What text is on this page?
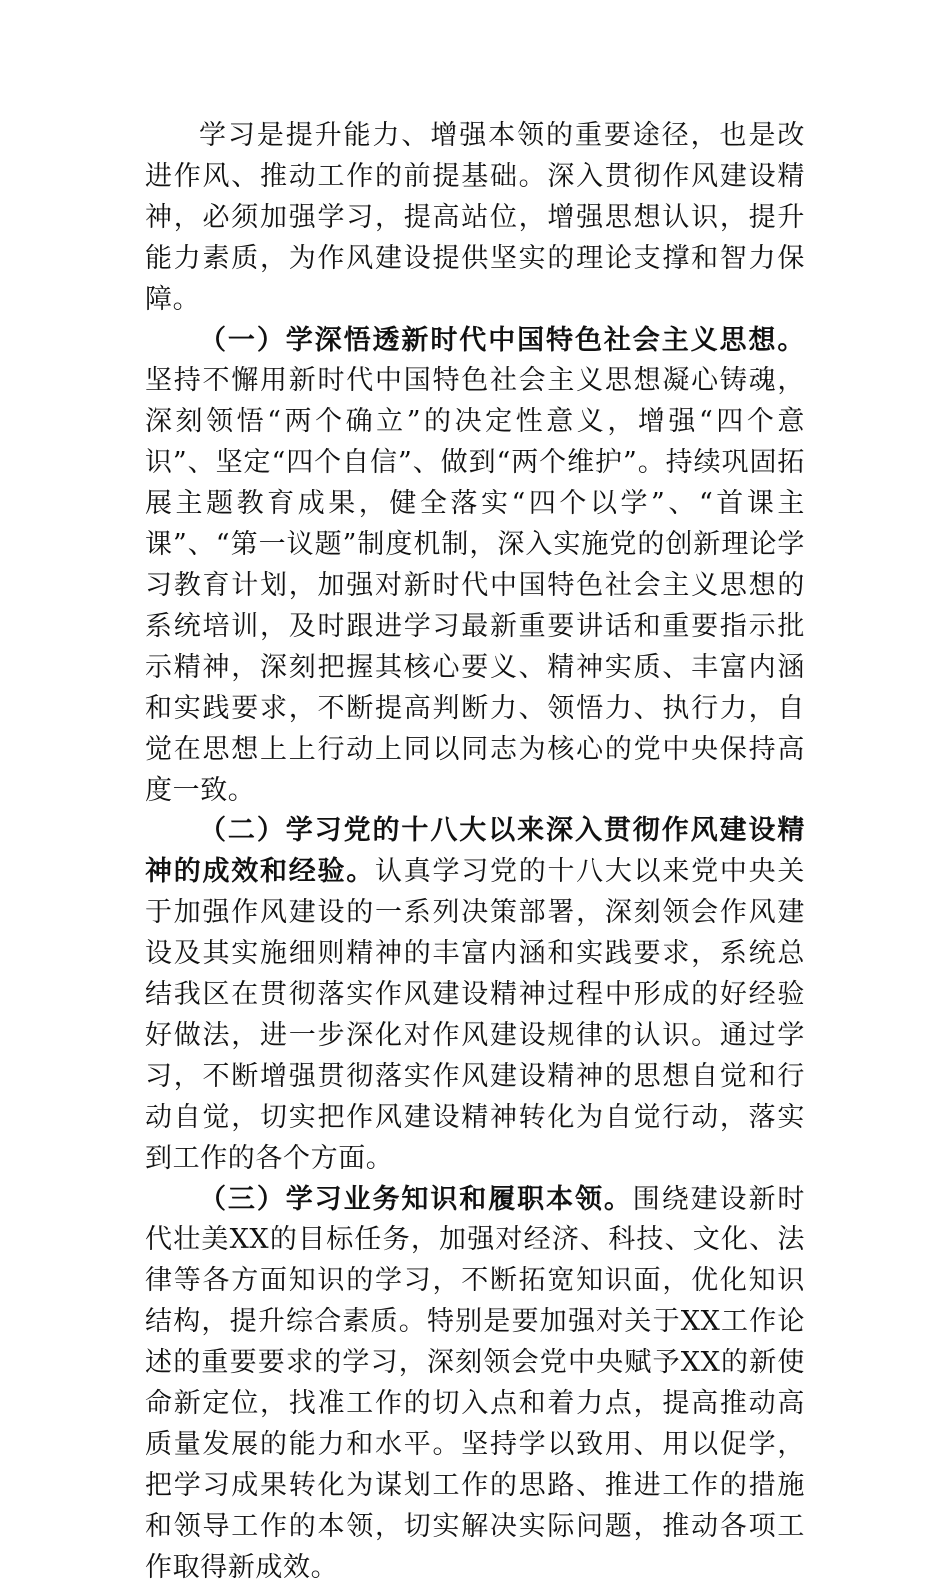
学习是提升能力、增强本领的重要途径，也是改进作风、推动工作的前提基础。深入贯彻作风建设精神，必须加强学习，提高站位，增强思想认识，提升能力素质，为作风建设提供坚实的理论支撑和智力保障。

（一）学深悟透新时代中国特色社会主义思想。坚持不懈用新时代中国特色社会主义思想凝心铸魂，深刻领悟“两个确立”的决定性意义，增强“四个意识”、坚定“四个自信”、做到“两个维护”。持续巩固拓展主题教育成果，健全落实“四个以学”、“首课主课”、“第一议题”制度机制，深入实施党的创新理论学习教育计划，加强对新时代中国特色社会主义思想的系统培训，及时跟进学习最新重要讲话和重要指示批示精神，深刻把握其核心要义、精神实质、丰富内涵和实践要求，不断提高判断力、领悟力、执行力，自觉在思想上上行动上同以同志为核心的党中央保持高度一致。

（二）学习党的十八大以来深入贯彻作风建设精神的成效和经验。认真学习党的十八大以来党中央关于加强作风建设的一系列决策部署，深刻领会作风建设及其实施细则精神的丰富内涵和实践要求，系统总结我区在贯彻落实作风建设精神过程中形成的好经验好做法，进一步深化对作风建设规律的认识。通过学习，不断增强贯彻落实作风建设精神的思想自觉和行动自觉，切实把作风建设精神转化为自觉行动，落实到工作的各个方面。

（三）学习业务知识和履职本领。围绕建设新时代壮美XX的目标任务，加强对经济、科技、文化、法律等各方面知识的学习，不断拓宽知识面，优化知识结构，提升综合素质。特别是要加强对关于XX工作论述的重要要求的学习，深刻领会党中央赋予XX的新使命新定位，找准工作的切入点和着力点，提高推动高质量发展的能力和水平。坚持学以致用、用以促学，把学习成果转化为谋划工作的思路、推进工作的措施和领导工作的本领，切实解决实际问题，推动各项工作取得新成效。
